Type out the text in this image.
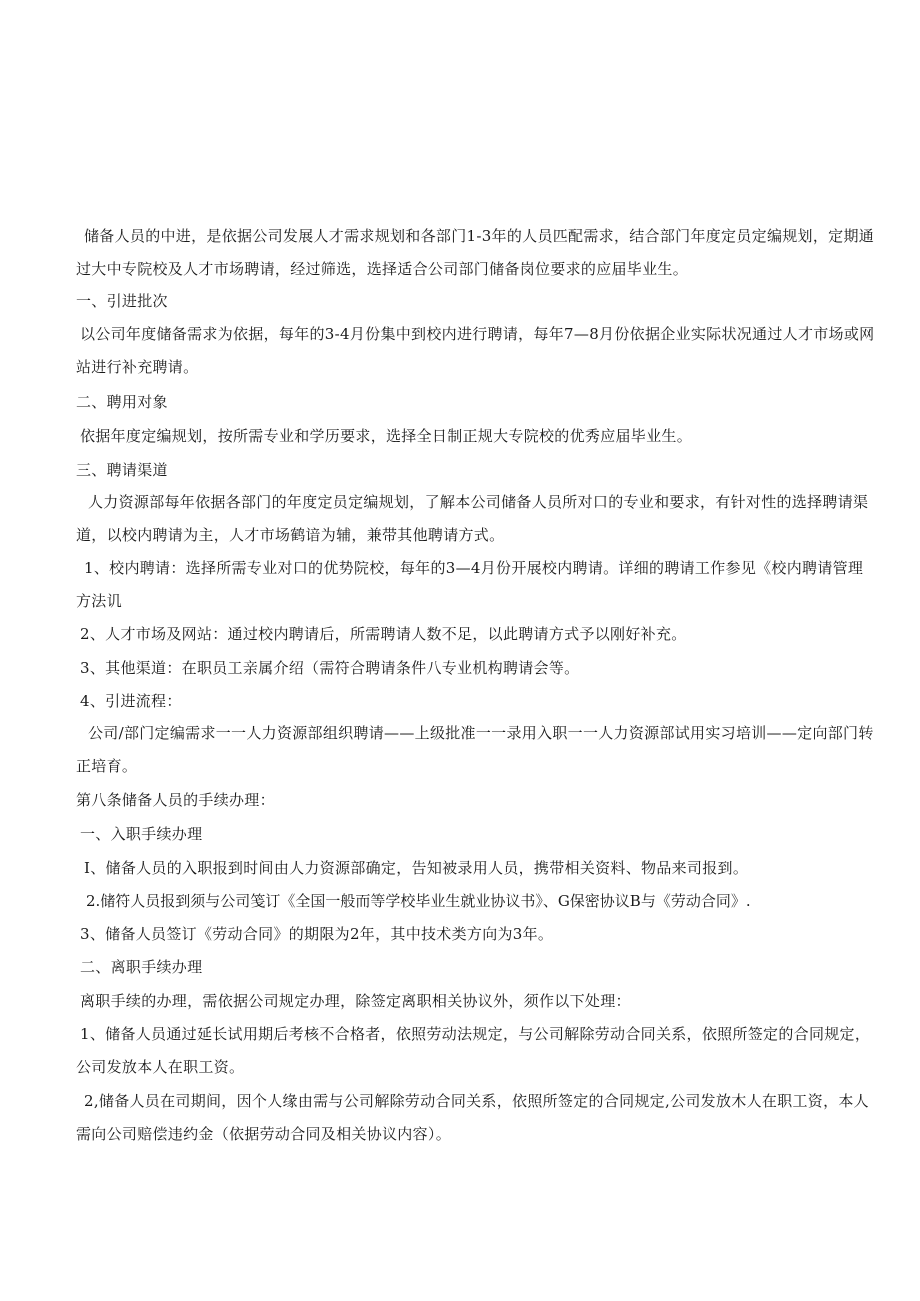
储备人员的中进，是依据公司发展人才需求规划和各部门1-3年的人员匹配需求，结合部门年度定员定编规划，定期通过大中专院校及人才市场聘请，经过筛选，选择适合公司部门储备岗位要求的应届毕业生。

一、引进批次

以公司年度储备需求为依据，每年的3-4月份集中到校内进行聘请，每年7—8月份依据企业实际状况通过人才市场或网站进行补充聘请。

二、聘用对象

依据年度定编规划，按所需专业和学历要求，选择全日制正规大专院校的优秀应届毕业生。

三、聘请渠道

人力资源部每年依据各部门的年度定员定编规划，了解本公司储备人员所对口的专业和要求，有针对性的选择聘请渠道，以校内聘请为主，人才市场鹤谙为辅，兼带其他聘请方式。

1、校内聘请：选择所需专业对口的优势院校，每年的3—4月份开展校内聘请。详细的聘请工作参见《校内聘请管理方法讥

2、人才市场及网站：通过校内聘请后，所需聘请人数不足，以此聘请方式予以刚好补充。

3、其他渠道：在职员工亲属介绍（需符合聘请条件八专业机构聘请会等。

4、引进流程：

公司/部门定编需求一一人力资源部组织聘请——上级批准一一录用入职一一人力资源部试用实习培训——定向部门转正培育。

第八条储备人员的手续办理：

一、入职手续办理

I、储备人员的入职报到时间由人力资源部确定，告知被录用人员，携带相关资料、物品来司报到。

2.储符人员报到须与公司笺订《全国一般而等学校毕业生就业协议书》、G保密协议B与《劳动合同》.

3、储备人员签订《劳动合同》的期限为2年，其中技术类方向为3年。

二、离职手续办理

离职手续的办理，需依据公司规定办理，除签定离职相关协议外，须作以下处理：

1、储备人员通过延长试用期后考核不合格者，依照劳动法规定，与公司解除劳动合同关系，依照所签定的合同规定，公司发放本人在职工资。

2,储备人员在司期间，因个人缘由需与公司解除劳动合同关系，依照所签定的合同规定,公司发放木人在职工资，本人需向公司赔偿违约金（依据劳动合同及相关协议内容）。
